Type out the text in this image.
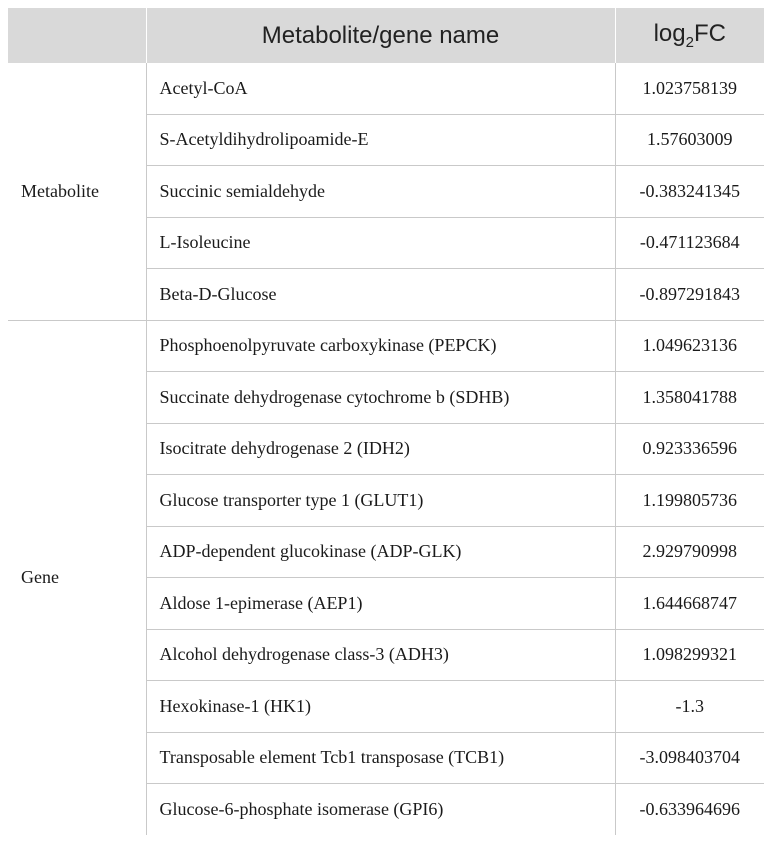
	Metabolite/gene name	$\log_2FC$
Metabolite	Acetyl-CoA	1.023758139
	S-Acetyldihydrolipoamide-E	1.57603009
	Succinic semialdehyde	-0.383241345
	L-Isoleucine	-0.471123684
	Beta-D-Glucose	-0.897291843
Gene	Phosphoenolpyruvate carboxykinase (PEPCK)	1.049623136
	Succinate dehydrogenase cytochrome b (SDHB)	1.358041788
	Isocitrate dehydrogenase 2 (IDH2)	0.923336596
	Glucose transporter type 1 (GLUT1)	1.199805736
	ADP-dependent glucokinase (ADP-GLK)	2.929790998
	Aldose 1-epimerase (AEP1)	1.644668747
	Alcohol dehydrogenase class-3 (ADH3)	1.098299321
	Hexokinase-1 (HK1)	-1.3
	Transposable element Tcb1 transposase (TCB1)	-3.098403704
	Glucose-6-phosphate isomerase (GPI6)	-0.633964696
